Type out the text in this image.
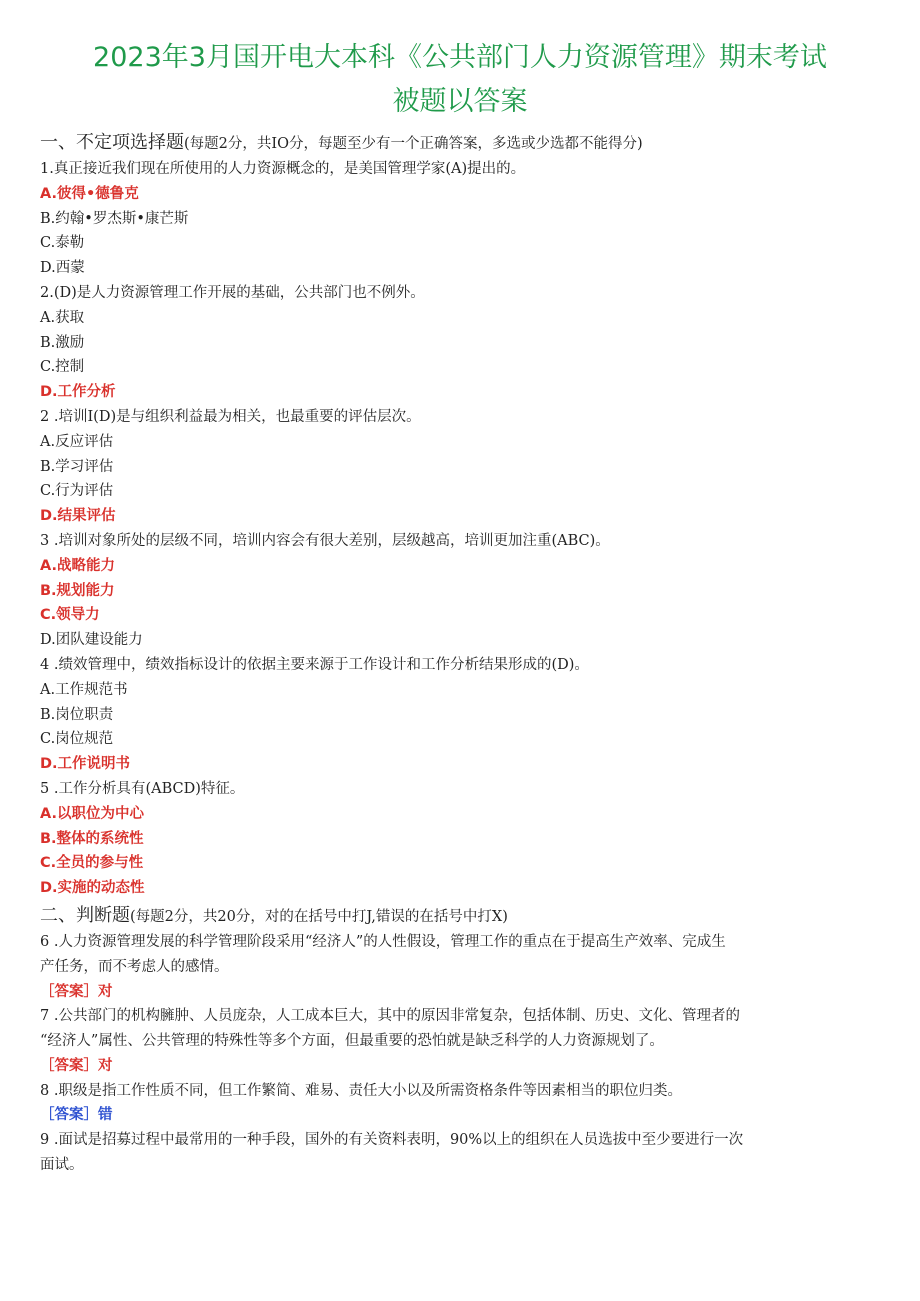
2023年3月国开电大本科《公共部门人力资源管理》期末考试
被题以答案

一、不定项选择题(每题2分，共IO分，每题至少有一个正确答案，多选或少选都不能得分)

1.真正接近我们现在所使用的人力资源概念的，是美国管理学家(A)提出的。

A.彼得•德鲁克

B.约翰•罗杰斯•康芒斯

C.泰勒

D.西蒙

2.(D)是人力资源管理工作开展的基础，公共部门也不例外。

A.获取

B.激励

C.控制

D.工作分析

2 .培训I(D)是与组织利益最为相关，也最重要的评估层次。

A.反应评估

B.学习评估

C.行为评估

D.结果评估

3 .培训对象所处的层级不同，培训内容会有很大差别，层级越高，培训更加注重(ABC)。

A.战略能力

B.规划能力

C.领导力

D.团队建设能力

4 .绩效管理中，绩效指标设计的依据主要来源于工作设计和工作分析结果形成的(D)。

A.工作规范书

B.岗位职责

C.岗位规范

D.工作说明书

5 .工作分析具有(ABCD)特征。

A.以职位为中心

B.整体的系统性

C.全员的参与性

D.实施的动态性

二、判断题(每题2分，共20分，对的在括号中打J,错误的在括号中打X)

6 .人力资源管理发展的科学管理阶段采用“经济人”的人性假设，管理工作的重点在于提高生产效率、完成生

产任务，而不考虑人的感情。

［答案］对

7 .公共部门的机构臃肿、人员庞杂，人工成本巨大，其中的原因非常复杂，包括体制、历史、文化、管理者的

“经济人”属性、公共管理的特殊性等多个方面，但最重要的恐怕就是缺乏科学的人力资源规划了。

［答案］对

8 .职级是指工作性质不同，但工作繁简、难易、责任大小以及所需资格条件等因素相当的职位归类。

［答案］错

9 .面试是招募过程中最常用的一种手段，国外的有关资料表明，90%以上的组织在人员选拔中至少要进行一次

面试。
